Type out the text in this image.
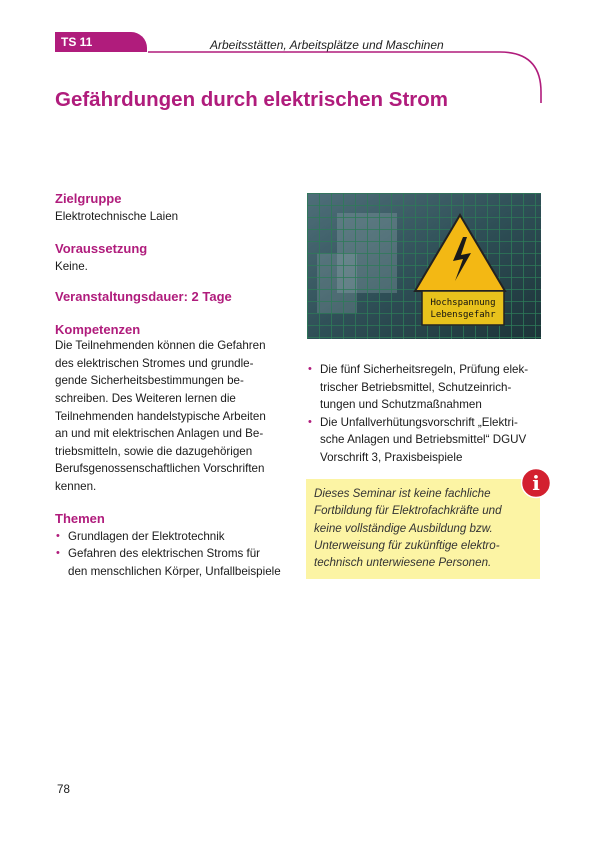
TS 11	Arbeitsstätten, Arbeitsplätze und Maschinen
Gefährdungen durch elektrischen Strom

Zielgruppe

Elektrotechnische Laien

Voraussetzung

Keine.

Veranstaltungsdauer: 2 Tage

Kompetenzen

Die Teilnehmenden können die Gefahren

des elektrischen Stromes und grundle-

gende Sicherheitsbestimmungen be-

schreiben. Des Weiteren lernen die

Teilnehmenden handelstypische Arbeiten

an und mit elektrischen Anlagen und Be-

triebsmitteln, sowie die dazugehörigen

Berufsgenossenschaftlichen Vorschriften

kennen.

Themen

• Grundlagen der Elektrotechnik
• Gefahren des elektrischen Stroms für
den menschlichen Körper, Unfallbeispiele
Hochspannung
Lebensgefahr
• Die fünf Sicherheitsregeln, Prüfung elek-
trischer Betriebsmittel, Schutzeinrich-
tungen und Schutzmaßnahmen
• Die Unfallverhütungsvorschrift „Elektri-
sche Anlagen und Betriebsmittel“ DGUV
Vorschrift 3, Praxisbeispiele
Dieses Seminar ist keine fachliche
Fortbildung für Elektrofachkräfte und
keine vollständige Ausbildung bzw.
Unterweisung für zukünftige elektro-
technisch unterwiesene Personen.
i
78
